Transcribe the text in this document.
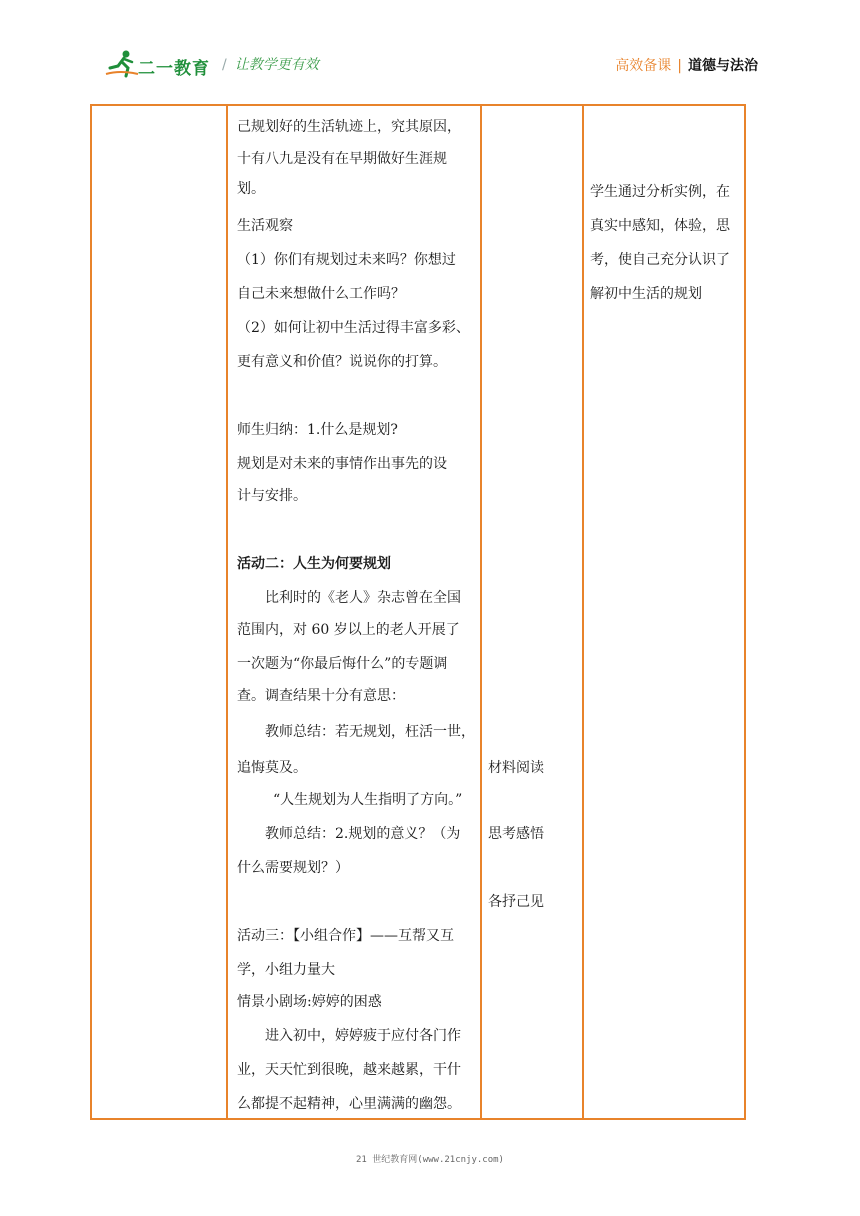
二一教育 / 让教学更有效	高效备课 | 道德与法治
己规划好的生活轨迹上，究其原因，
十有八九是没有在早期做好生涯规
划。
生活观察
（1）你们有规划过未来吗？你想过
自己未来想做什么工作吗？
（2）如何让初中生活过得丰富多彩、
更有意义和价值？说说你的打算。
师生归纳：1.什么是规划?
规划是对未来的事情作出事先的设
计与安排。
活动二：人生为何要规划
比利时的《老人》杂志曾在全国
范围内，对 60 岁以上的老人开展了
一次题为“你最后悔什么”的专题调
查。调查结果十分有意思：
教师总结：若无规划，枉活一世，
追悔莫及。
“人生规划为人生指明了方向。”
教师总结：2.规划的意义？（为
什么需要规划？）
活动三：【小组合作】——互帮又互
学，小组力量大
情景小剧场:婷婷的困惑
进入初中，婷婷疲于应付各门作
业，天天忙到很晚，越来越累，干什
么都提不起精神，心里满满的幽怨。
材料阅读
思考感悟
各抒己见
学生通过分析实例，在
真实中感知，体验，思
考，使自己充分认识了
解初中生活的规划
21 世纪教育网(www.21cnjy.com)
